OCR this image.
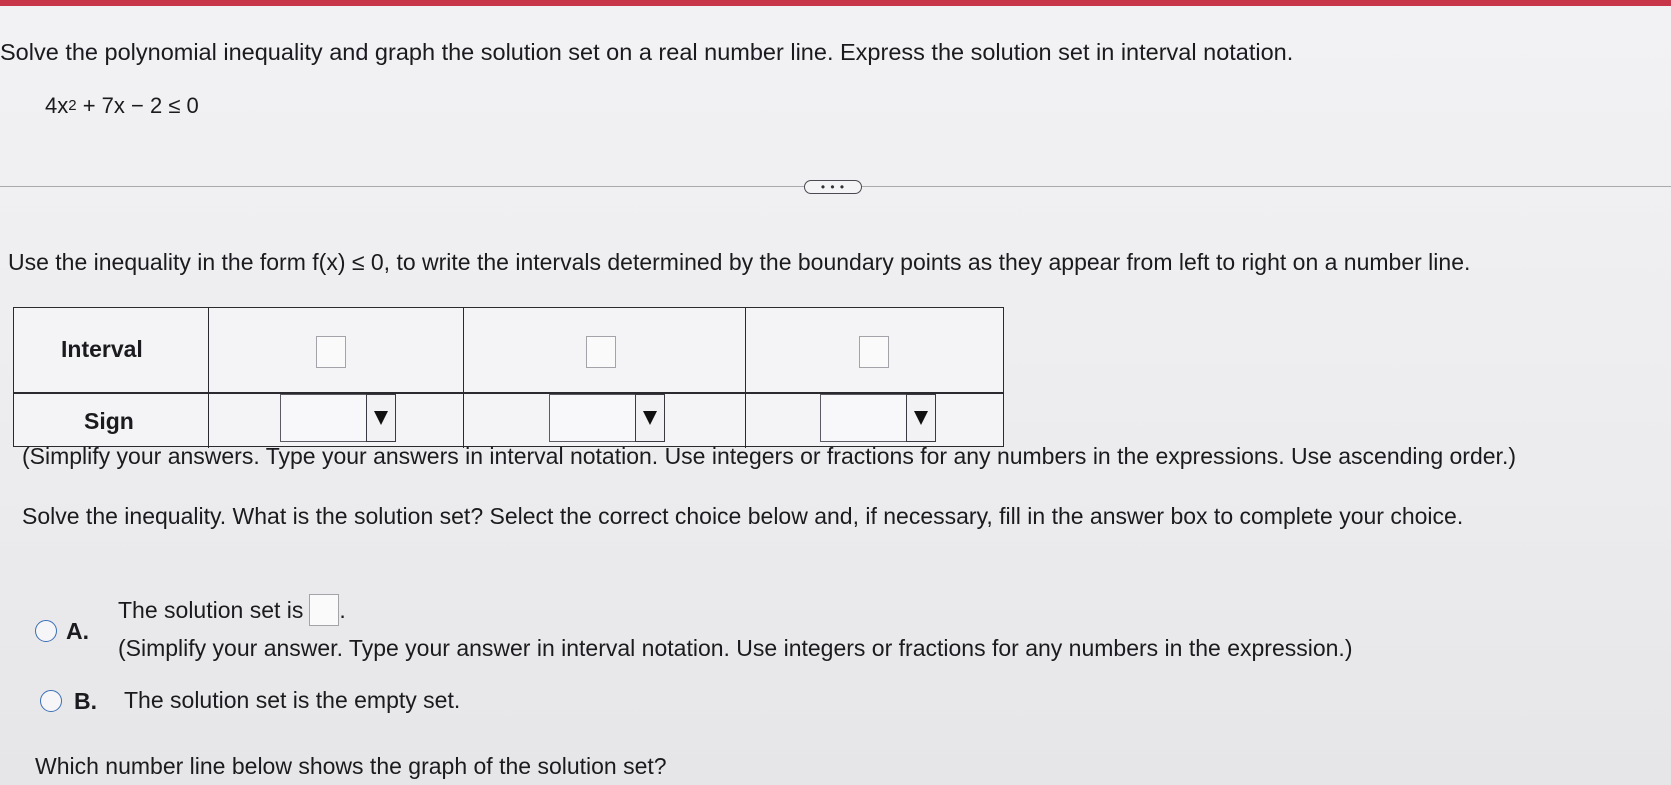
Solve the polynomial inequality and graph the solution set on a real number line. Express the solution set in interval notation.
$4x^2 + 7x - 2 \le 0$
• • •
Use the inequality in the form f(x) ≤ 0, to write the intervals determined by the boundary points as they appear from left to right on a number line.
Interval
Sign
(Simplify your answers. Type your answers in interval notation. Use integers or fractions for any numbers in the expressions. Use ascending order.)
Solve the inequality. What is the solution set? Select the correct choice below and, if necessary, fill in the answer box to complete your choice.
A.
The solution set is .
(Simplify your answer. Type your answer in interval notation. Use integers or fractions for any numbers in the expression.)
B. The solution set is the empty set.
Which number line below shows the graph of the solution set?
